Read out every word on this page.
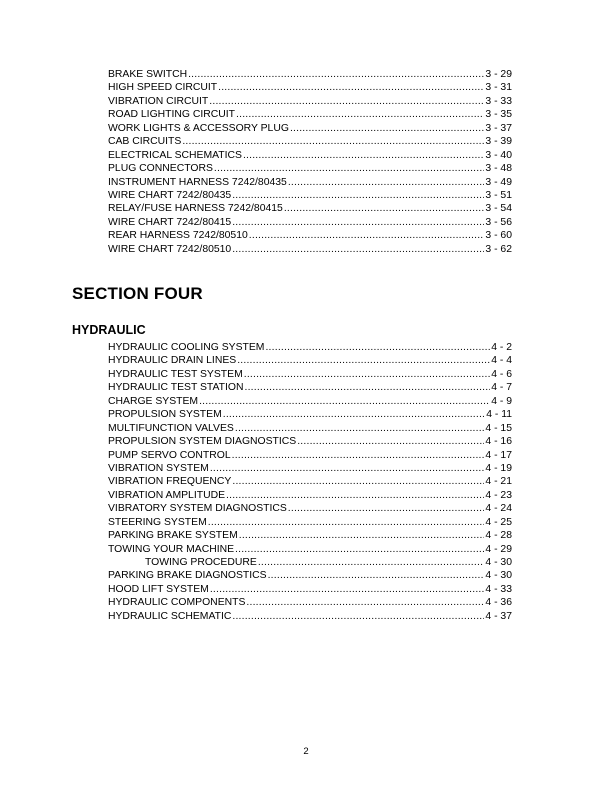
BRAKE SWITCH .....	3 - 29
HIGH SPEED CIRCUIT .....	3 - 31
VIBRATION CIRCUIT .....	3 - 33
ROAD LIGHTING CIRCUIT .....	3 - 35
WORK LIGHTS & ACCESSORY PLUG .....	3 - 37
CAB CIRCUITS .....	3 - 39
ELECTRICAL SCHEMATICS .....	3 - 40
PLUG CONNECTORS .....	3 - 48
INSTRUMENT HARNESS 7242/80435 .....	3 - 49
WIRE CHART 7242/80435 .....	3 - 51
RELAY/FUSE HARNESS 7242/80415 .....	3 - 54
WIRE CHART 7242/80415 .....	3 - 56
REAR HARNESS 7242/80510 .....	3 - 60
WIRE CHART 7242/80510 .....	3 - 62
SECTION FOUR
HYDRAULIC
HYDRAULIC COOLING SYSTEM .....	4 - 2
HYDRAULIC DRAIN LINES .....	4 - 4
HYDRAULIC TEST SYSTEM .....	4 - 6
HYDRAULIC TEST STATION .....	4 - 7
CHARGE SYSTEM .....	4 - 9
PROPULSION SYSTEM .....	4 - 11
MULTIFUNCTION VALVES .....	4 - 15
PROPULSION SYSTEM DIAGNOSTICS .....	4 - 16
PUMP SERVO CONTROL .....	4 - 17
VIBRATION SYSTEM .....	4 - 19
VIBRATION FREQUENCY .....	4 - 21
VIBRATION AMPLITUDE .....	4 - 23
VIBRATORY SYSTEM DIAGNOSTICS .....	4 - 24
STEERING SYSTEM .....	4 - 25
PARKING BRAKE SYSTEM .....	4 - 28
TOWING YOUR MACHINE .....	4 - 29
TOWING PROCEDURE .....	4 - 30
PARKING BRAKE DIAGNOSTICS .....	4 - 30
HOOD LIFT SYSTEM .....	4 - 33
HYDRAULIC COMPONENTS .....	4 - 36
HYDRAULIC SCHEMATIC .....	4 - 37
2
